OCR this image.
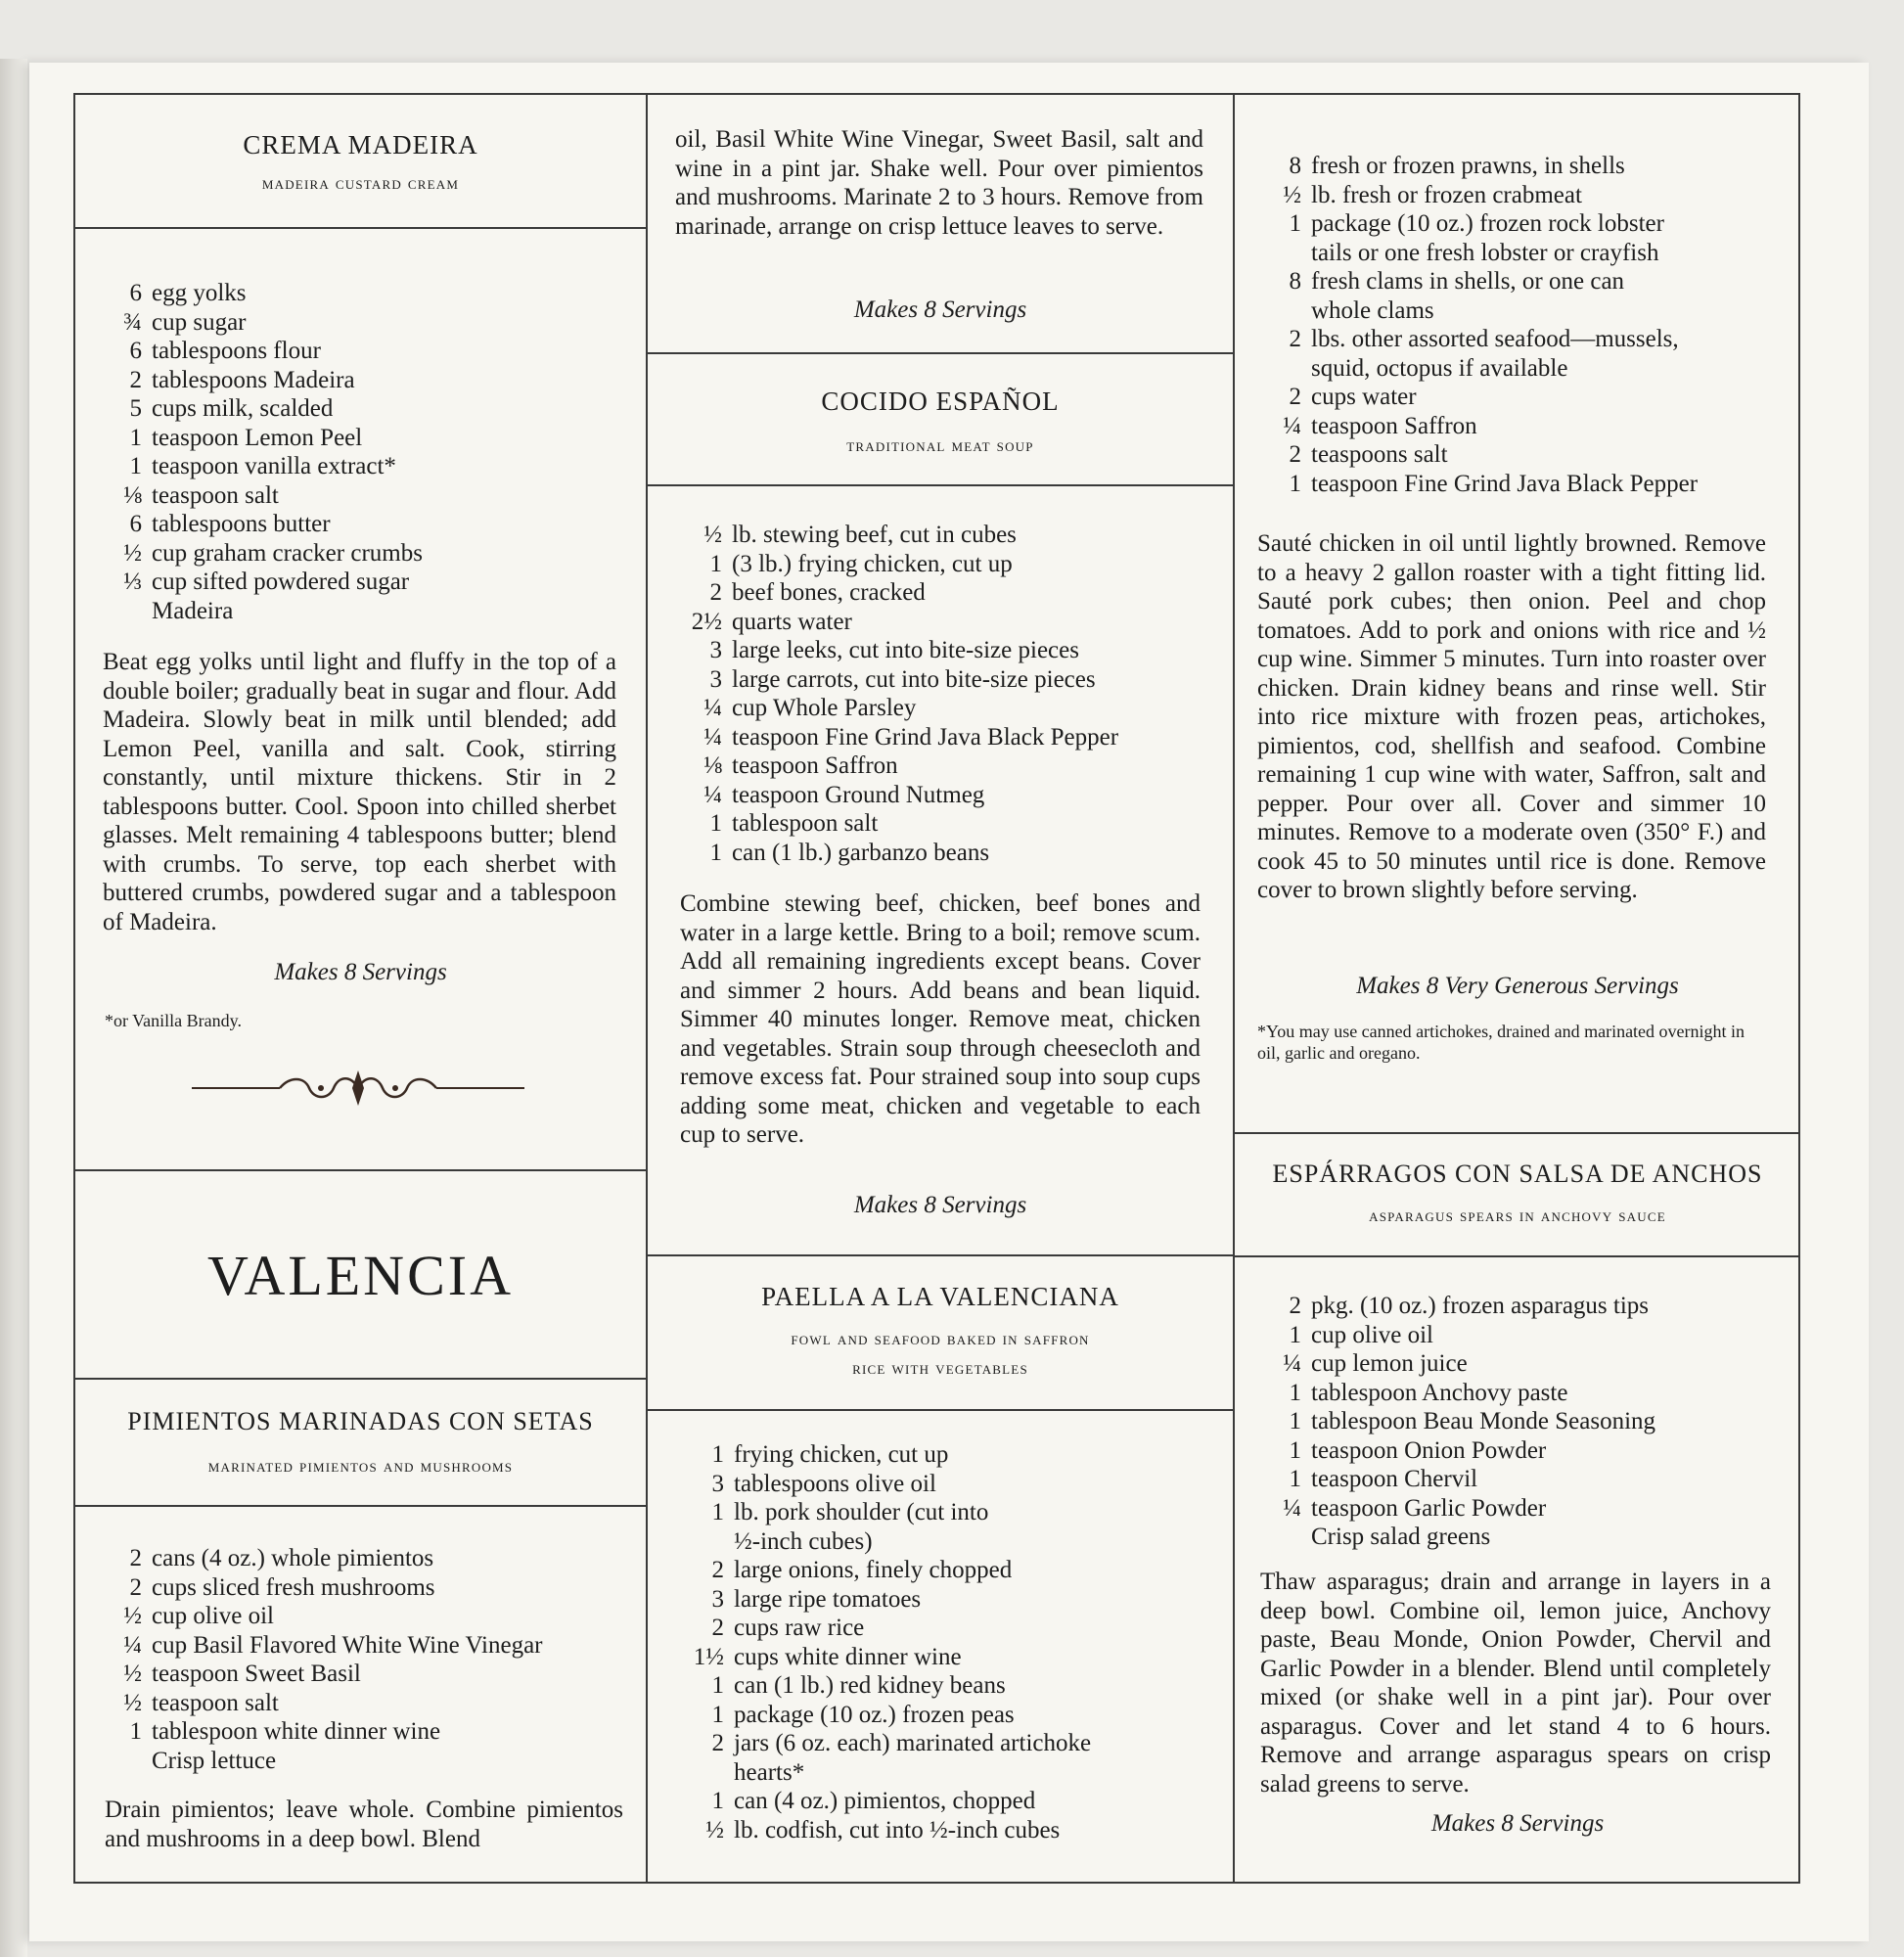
CREMA MADEIRA
madeira custard cream
6 egg yolks
¾ cup sugar
6 tablespoons flour
2 tablespoons Madeira
5 cups milk, scalded
1 teaspoon Lemon Peel
1 teaspoon vanilla extract*
⅛ teaspoon salt
6 tablespoons butter
½ cup graham cracker crumbs
⅓ cup sifted powdered sugar
Madeira
Beat egg yolks until light and fluffy in the top of a double boiler; gradually beat in sugar and flour. Add Madeira. Slowly beat in milk until blended; add Lemon Peel, vanilla and salt. Cook, stirring constantly, until mixture thickens. Stir in 2 tablespoons butter. Cool. Spoon into chilled sherbet glasses. Melt remaining 4 tablespoons butter; blend with crumbs. To serve, top each sherbet with buttered crumbs, powdered sugar and a tablespoon of Madeira.
Makes 8 Servings
*or Vanilla Brandy.
VALENCIA
PIMIENTOS MARINADAS CON SETAS
marinated pimientos and mushrooms
2 cans (4 oz.) whole pimientos
2 cups sliced fresh mushrooms
½ cup olive oil
¼ cup Basil Flavored White Wine Vinegar
½ teaspoon Sweet Basil
½ teaspoon salt
1 tablespoon white dinner wine
Crisp lettuce
Drain pimientos; leave whole. Combine pimientos and mushrooms in a deep bowl. Blend
oil, Basil White Wine Vinegar, Sweet Basil, salt and wine in a pint jar. Shake well. Pour over pimientos and mushrooms. Marinate 2 to 3 hours. Remove from marinade, arrange on crisp lettuce leaves to serve.
Makes 8 Servings
COCIDO ESPAÑOL
traditional meat soup
½ lb. stewing beef, cut in cubes
1 (3 lb.) frying chicken, cut up
2 beef bones, cracked
2½ quarts water
3 large leeks, cut into bite-size pieces
3 large carrots, cut into bite-size pieces
¼ cup Whole Parsley
¼ teaspoon Fine Grind Java Black Pepper
⅛ teaspoon Saffron
¼ teaspoon Ground Nutmeg
1 tablespoon salt
1 can (1 lb.) garbanzo beans
Combine stewing beef, chicken, beef bones and water in a large kettle. Bring to a boil; remove scum. Add all remaining ingredients except beans. Cover and simmer 2 hours. Add beans and bean liquid. Simmer 40 minutes longer. Remove meat, chicken and vegetables. Strain soup through cheesecloth and remove excess fat. Pour strained soup into soup cups adding some meat, chicken and vegetable to each cup to serve.
Makes 8 Servings
PAELLA A LA VALENCIANA
fowl and seafood baked in saffron
rice with vegetables
1 frying chicken, cut up
3 tablespoons olive oil
1 lb. pork shoulder (cut into
½-inch cubes)
2 large onions, finely chopped
3 large ripe tomatoes
2 cups raw rice
1½ cups white dinner wine
1 can (1 lb.) red kidney beans
1 package (10 oz.) frozen peas
2 jars (6 oz. each) marinated artichoke
hearts*
1 can (4 oz.) pimientos, chopped
½ lb. codfish, cut into ½-inch cubes
8 fresh or frozen prawns, in shells
½ lb. fresh or frozen crabmeat
1 package (10 oz.) frozen rock lobster
tails or one fresh lobster or crayfish
8 fresh clams in shells, or one can
whole clams
2 lbs. other assorted seafood—mussels,
squid, octopus if available
2 cups water
¼ teaspoon Saffron
2 teaspoons salt
1 teaspoon Fine Grind Java Black Pepper
Sauté chicken in oil until lightly browned. Remove to a heavy 2 gallon roaster with a tight fitting lid. Sauté pork cubes; then onion. Peel and chop tomatoes. Add to pork and onions with rice and ½ cup wine. Simmer 5 minutes. Turn into roaster over chicken. Drain kidney beans and rinse well. Stir into rice mixture with frozen peas, artichokes, pimientos, cod, shellfish and seafood. Combine remaining 1 cup wine with water, Saffron, salt and pepper. Pour over all. Cover and simmer 10 minutes. Remove to a moderate oven (350° F.) and cook 45 to 50 minutes until rice is done. Remove cover to brown slightly before serving.
Makes 8 Very Generous Servings
*You may use canned artichokes, drained and marinated overnight in oil, garlic and oregano.
ESPÁRRAGOS CON SALSA DE ANCHOS
asparagus spears in anchovy sauce
2 pkg. (10 oz.) frozen asparagus tips
1 cup olive oil
¼ cup lemon juice
1 tablespoon Anchovy paste
1 tablespoon Beau Monde Seasoning
1 teaspoon Onion Powder
1 teaspoon Chervil
¼ teaspoon Garlic Powder
Crisp salad greens
Thaw asparagus; drain and arrange in layers in a deep bowl. Combine oil, lemon juice, Anchovy paste, Beau Monde, Onion Powder, Chervil and Garlic Powder in a blender. Blend until completely mixed (or shake well in a pint jar). Pour over asparagus. Cover and let stand 4 to 6 hours. Remove and arrange asparagus spears on crisp salad greens to serve.
Makes 8 Servings
